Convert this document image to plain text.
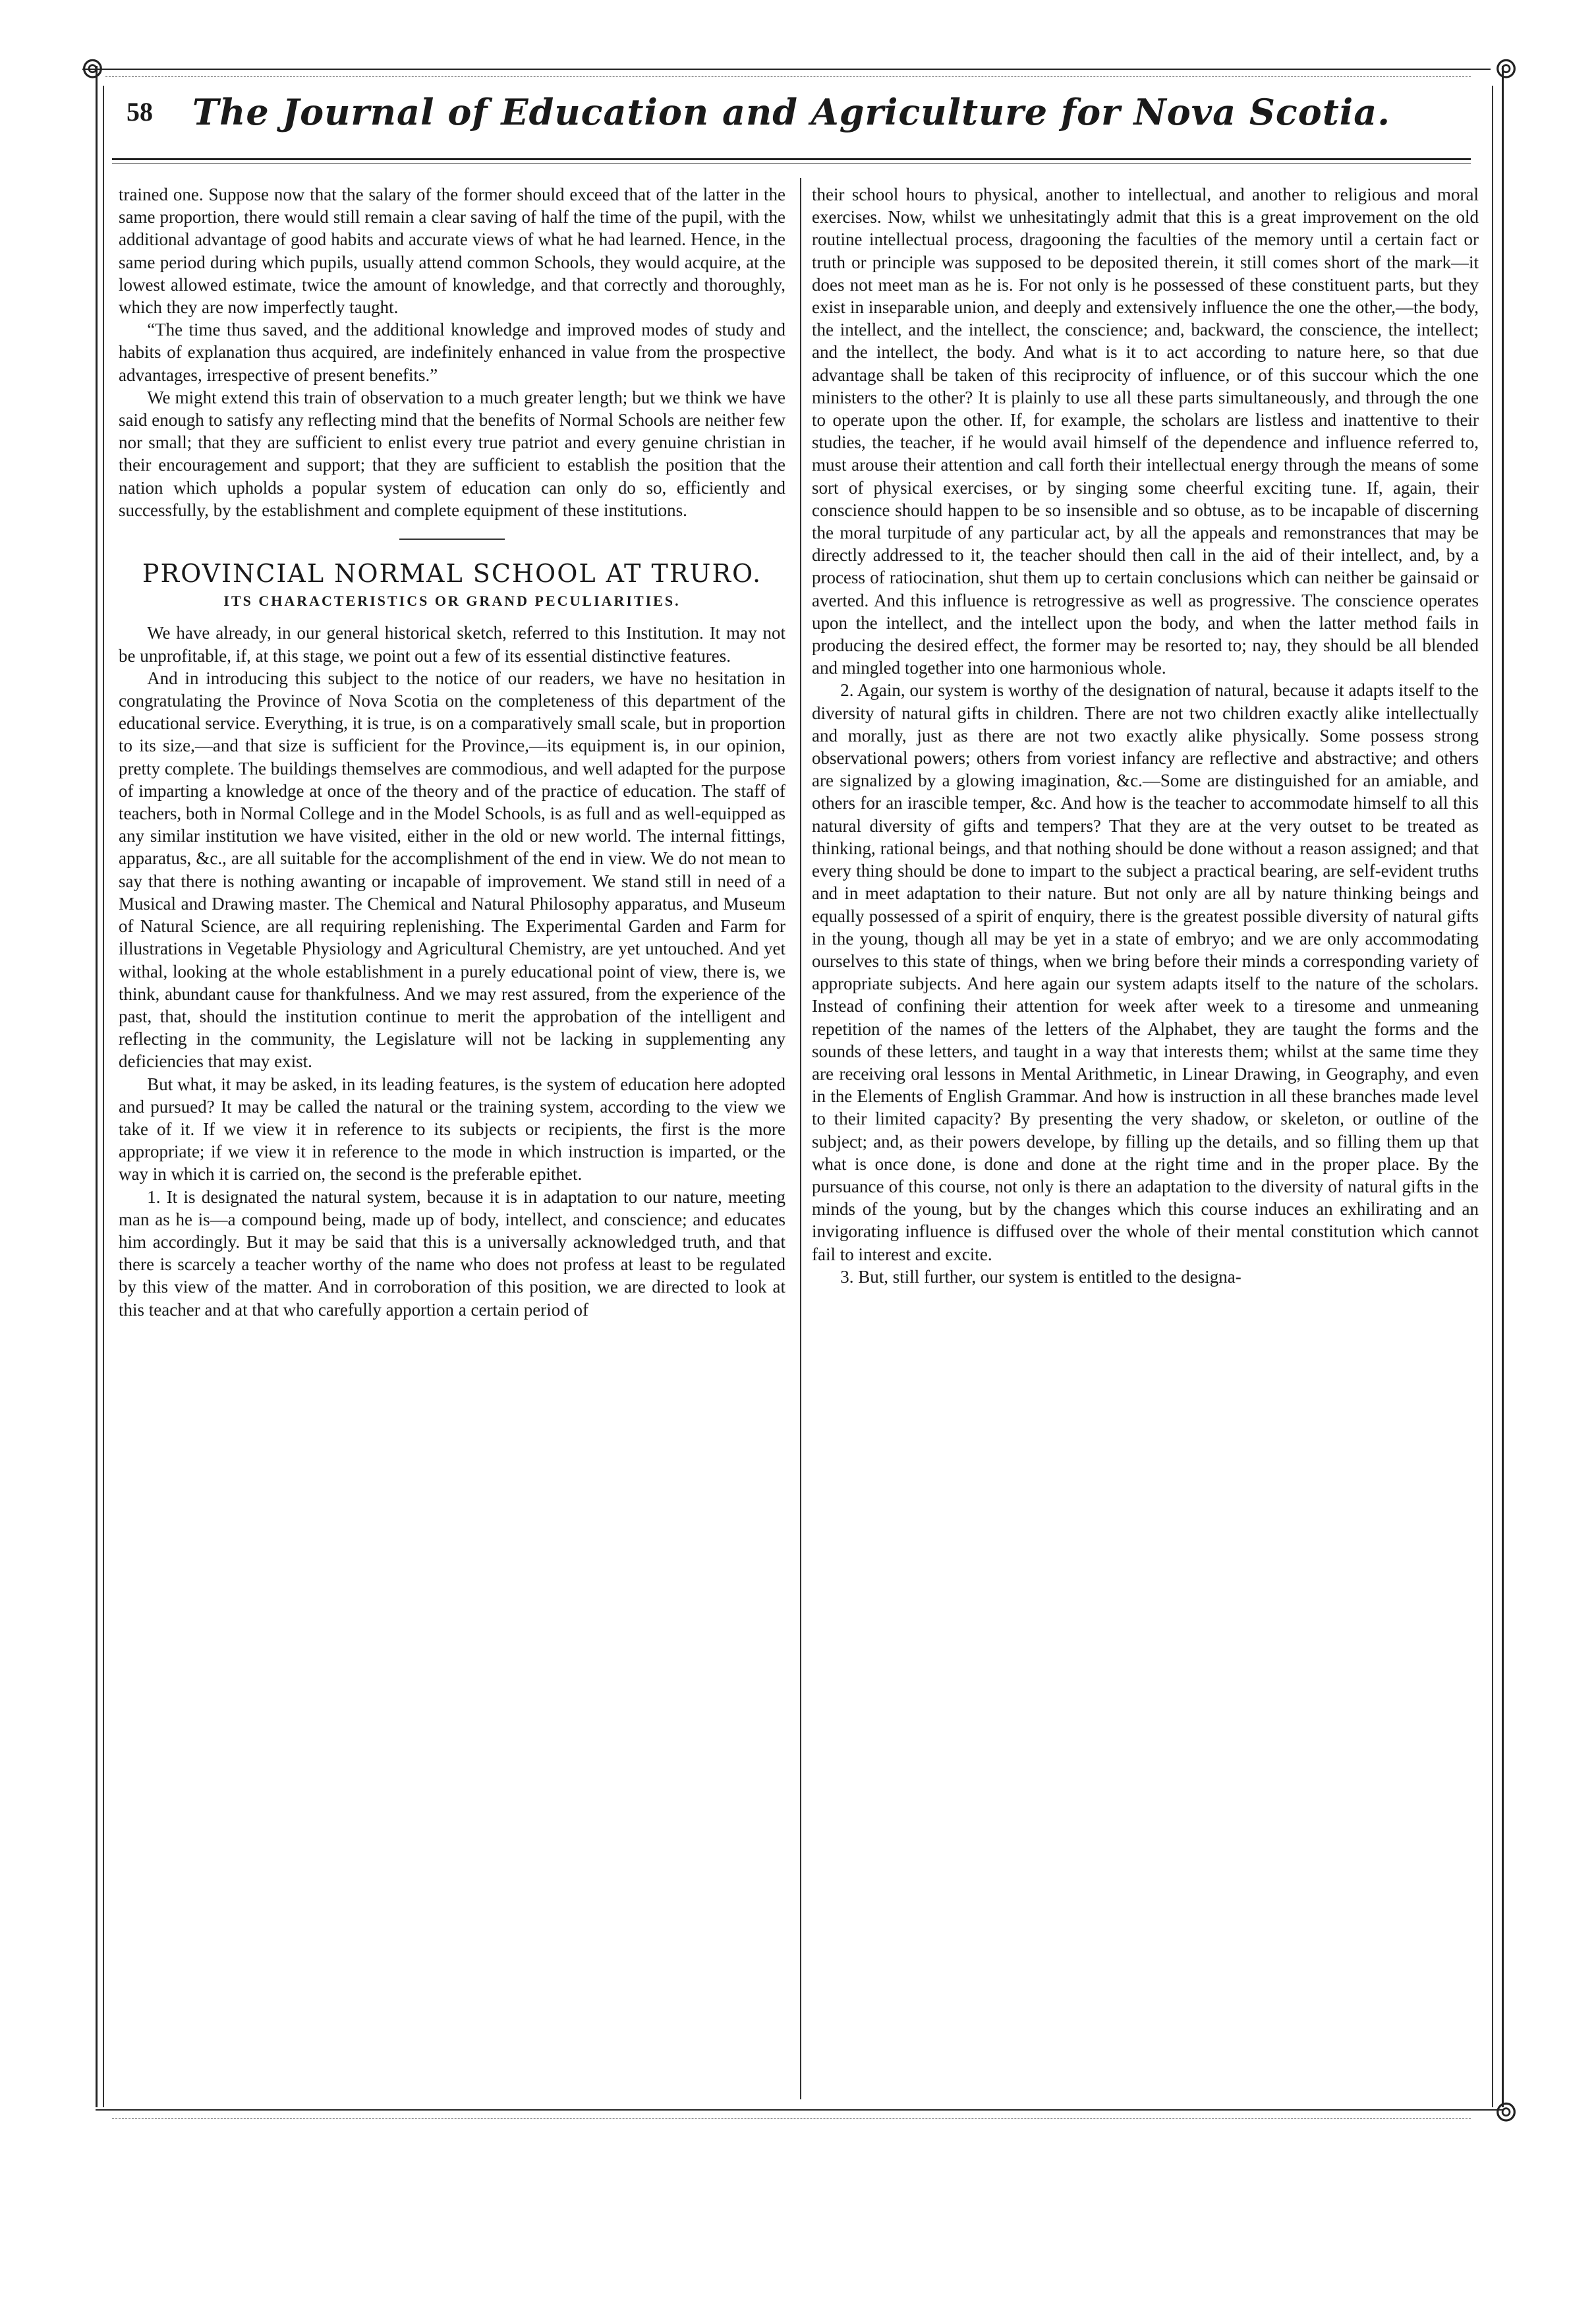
⊚	⊚
⊚
58	The Journal of Education and Agriculture for Nova Scotia.

trained one. Suppose now that the salary of the former should exceed that of the latter in the same proportion, there would still remain a clear saving of half the time of the pupil, with the additional advantage of good habits and accurate views of what he had learned. Hence, in the same period during which pupils, usually attend common Schools, they would acquire, at the lowest allowed estimate, twice the amount of knowledge, and that correctly and thoroughly, which they are now imperfectly taught.

“The time thus saved, and the additional knowledge and improved modes of study and habits of explanation thus acquired, are indefinitely enhanced in value from the prospective advantages, irrespective of present benefits.”

We might extend this train of observation to a much greater length; but we think we have said enough to satisfy any reflecting mind that the benefits of Normal Schools are neither few nor small; that they are sufficient to enlist every true patriot and every genuine christian in their encouragement and support; that they are sufficient to establish the position that the nation which upholds a popular system of education can only do so, efficiently and successfully, by the establishment and complete equipment of these institutions.

PROVINCIAL NORMAL SCHOOL AT TRURO.
ITS CHARACTERISTICS OR GRAND PECULIARITIES.

We have already, in our general historical sketch, referred to this Institution. It may not be unprofitable, if, at this stage, we point out a few of its essential distinctive features.

And in introducing this subject to the notice of our readers, we have no hesitation in congratulating the Province of Nova Scotia on the completeness of this department of the educational service. Everything, it is true, is on a comparatively small scale, but in proportion to its size,—and that size is sufficient for the Province,—its equipment is, in our opinion, pretty complete. The buildings themselves are commodious, and well adapted for the purpose of imparting a knowledge at once of the theory and of the practice of education. The staff of teachers, both in Normal College and in the Model Schools, is as full and as well-equipped as any similar institution we have visited, either in the old or new world. The internal fittings, apparatus, &c., are all suitable for the accomplishment of the end in view. We do not mean to say that there is nothing awanting or incapable of improvement. We stand still in need of a Musical and Drawing master. The Chemical and Natural Philosophy apparatus, and Museum of Natural Science, are all requiring replenishing. The Experimental Garden and Farm for illustrations in Vegetable Physiology and Agricultural Chemistry, are yet untouched. And yet withal, looking at the whole establishment in a purely educational point of view, there is, we think, abundant cause for thankfulness. And we may rest assured, from the experience of the past, that, should the institution continue to merit the approbation of the intelligent and reflecting in the community, the Legislature will not be lacking in supplementing any deficiencies that may exist.

But what, it may be asked, in its leading features, is the system of education here adopted and pursued? It may be called the natural or the training system, according to the view we take of it. If we view it in reference to its subjects or recipients, the first is the more appropriate; if we view it in reference to the mode in which instruction is imparted, or the way in which it is carried on, the second is the preferable epithet.

1. It is designated the natural system, because it is in adaptation to our nature, meeting man as he is—a compound being, made up of body, intellect, and conscience; and educates him accordingly. But it may be said that this is a universally acknowledged truth, and that there is scarcely a teacher worthy of the name who does not profess at least to be regulated by this view of the matter. And in corroboration of this position, we are directed to look at this teacher and at that who carefully apportion a certain period of

their school hours to physical, another to intellectual, and another to religious and moral exercises. Now, whilst we unhesitatingly admit that this is a great improvement on the old routine intellectual process, dragooning the faculties of the memory until a certain fact or truth or principle was supposed to be deposited therein, it still comes short of the mark—it does not meet man as he is. For not only is he possessed of these constituent parts, but they exist in inseparable union, and deeply and extensively influence the one the other,—the body, the intellect, and the intellect, the conscience; and, backward, the conscience, the intellect; and the intellect, the body. And what is it to act according to nature here, so that due advantage shall be taken of this reciprocity of influence, or of this succour which the one ministers to the other? It is plainly to use all these parts simultaneously, and through the one to operate upon the other. If, for example, the scholars are listless and inattentive to their studies, the teacher, if he would avail himself of the dependence and influence referred to, must arouse their attention and call forth their intellectual energy through the means of some sort of physical exercises, or by singing some cheerful exciting tune. If, again, their conscience should happen to be so insensible and so obtuse, as to be incapable of discerning the moral turpitude of any particular act, by all the appeals and remonstrances that may be directly addressed to it, the teacher should then call in the aid of their intellect, and, by a process of ratiocination, shut them up to certain conclusions which can neither be gainsaid or averted. And this influence is retrogressive as well as progressive. The conscience operates upon the intellect, and the intellect upon the body, and when the latter method fails in producing the desired effect, the former may be resorted to; nay, they should be all blended and mingled together into one harmonious whole.

2. Again, our system is worthy of the designation of natural, because it adapts itself to the diversity of natural gifts in children. There are not two children exactly alike intellectually and morally, just as there are not two exactly alike physically. Some possess strong observational powers; others from voriest infancy are reflective and abstractive; and others are signalized by a glowing imagination, &c.—Some are distinguished for an amiable, and others for an irascible temper, &c. And how is the teacher to accommodate himself to all this natural diversity of gifts and tempers? That they are at the very outset to be treated as thinking, rational beings, and that nothing should be done without a reason assigned; and that every thing should be done to impart to the subject a practical bearing, are self-evident truths and in meet adaptation to their nature. But not only are all by nature thinking beings and equally possessed of a spirit of enquiry, there is the greatest possible diversity of natural gifts in the young, though all may be yet in a state of embryo; and we are only accommodating ourselves to this state of things, when we bring before their minds a corresponding variety of appropriate subjects. And here again our system adapts itself to the nature of the scholars. Instead of confining their attention for week after week to a tiresome and unmeaning repetition of the names of the letters of the Alphabet, they are taught the forms and the sounds of these letters, and taught in a way that interests them; whilst at the same time they are receiving oral lessons in Mental Arithmetic, in Linear Drawing, in Geography, and even in the Elements of English Grammar. And how is instruction in all these branches made level to their limited capacity? By presenting the very shadow, or skeleton, or outline of the subject; and, as their powers develope, by filling up the details, and so filling them up that what is once done, is done and done at the right time and in the proper place. By the pursuance of this course, not only is there an adaptation to the diversity of natural gifts in the minds of the young, but by the changes which this course induces an exhilirating and an invigorating influence is diffused over the whole of their mental constitution which cannot fail to interest and excite.

3. But, still further, our system is entitled to the designa-
